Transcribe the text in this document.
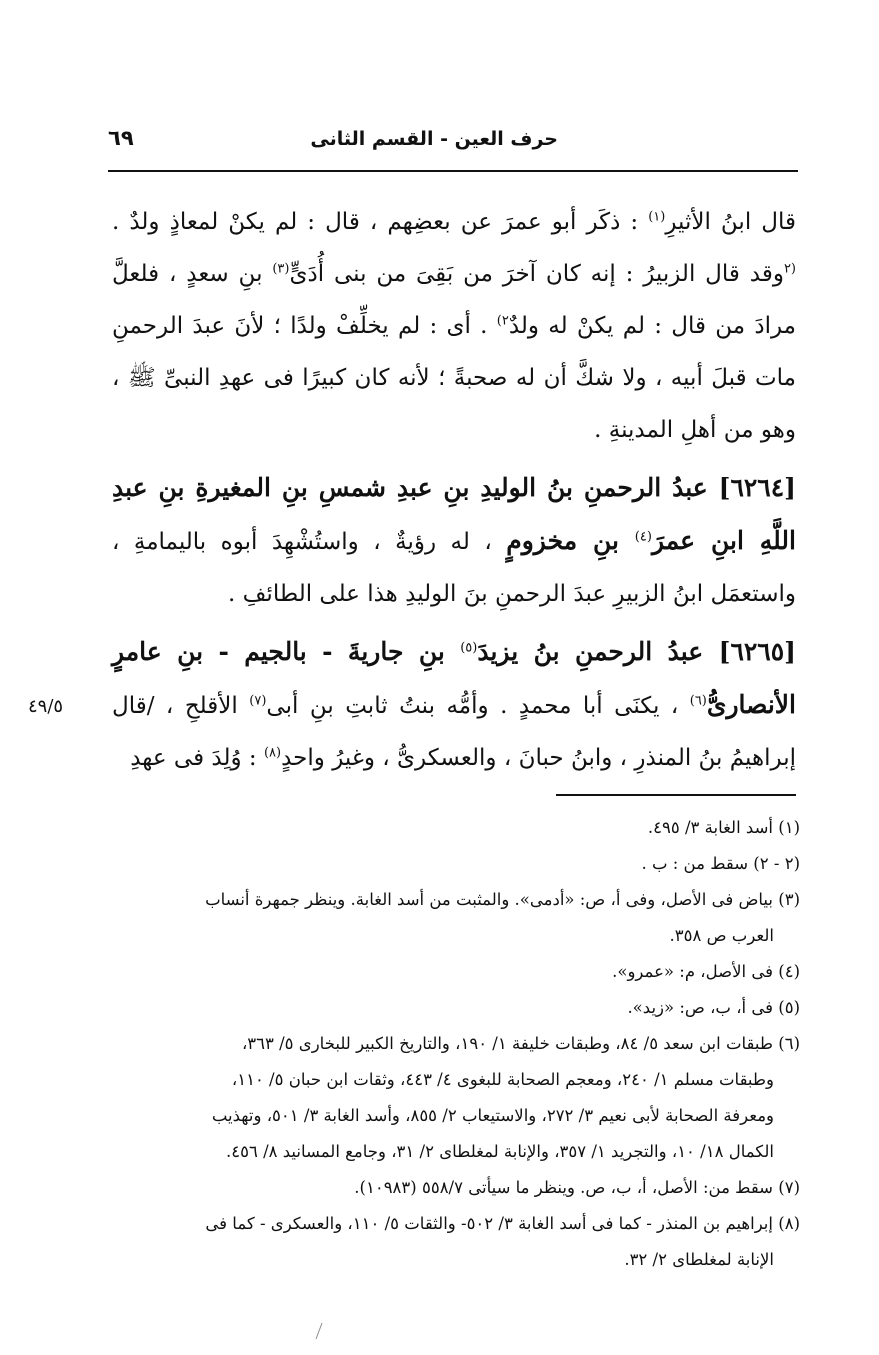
حرف العين - القسم الثانى
٦٩

قال ابنُ الأثيرِ$^{(١)}$ : ذكَر أبو عمرَ عن بعضِهم ، قال : لم يكنْ لمعاذٍ ولدٌ . $^{(٢}$وقد قال الزبيرُ : إنه كان آخرَ من بَقِىَ من بنى أُدَىٍّ$^{(٣)}$ بنِ سعدٍ ، فلعلَّ مرادَ من قال : لم يكنْ له ولدٌ$^{٢)}$ . أى : لم يخلِّفْ ولدًا ؛ لأنَ عبدَ الرحمنِ مات قبلَ أبيه ، ولا شكَّ أن له صحبةً ؛ لأنه كان كبيرًا فى عهدِ النبىِّ ﷺ ، وهو من أهلِ المدينةِ .

[٦٢٦٤] عبدُ الرحمنِ بنُ الوليدِ بنِ عبدِ شمسِ بنِ المغيرةِ بنِ عبدِ اللَّهِ ابنِ عمرَ$^{(٤)}$ بنِ مخزومٍ ، له رؤيةٌ ، واستُشْهِدَ أبوه باليمامةِ ، واستعمَل ابنُ الزبيرِ عبدَ الرحمنِ بنَ الوليدِ هذا على الطائفِ .

[٦٢٦٥] عبدُ الرحمنِ بنُ يزيدَ$^{(٥)}$ بنِ جاريةَ - بالجيم - بنِ عامرٍ الأنصارىُّ$^{(٦)}$ ، يكنَى أبا محمدٍ . وأمُّه بنتُ ثابتِ بنِ أبى$^{(٧)}$ الأقلحِ ، /قال إبراهيمُ بنُ المنذرِ ، وابنُ حبانَ ، والعسكرىُّ ، وغيرُ واحدٍ$^{(٨)}$ : وُلِدَ فى عهدِ

٤٩/٥

(١) أسد الغابة ٣/ ٤٩٥.

(٢ - ٢) سقط من : ب .

(٣) بياض فى الأصل، وفى أ، ص: «أدمى». والمثبت من أسد الغابة. وينظر جمهرة أنساب

العرب ص ٣٥٨.

(٤) فى الأصل، م: «عمرو».

(٥) فى أ، ب، ص: «زيد».

(٦) طبقات ابن سعد ٥/ ٨٤، وطبقات خليفة ١/ ١٩٠، والتاريخ الكبير للبخارى ٥/ ٣٦٣،

وطبقات مسلم ١/ ٢٤٠، ومعجم الصحابة للبغوى ٤/ ٤٤٣، وثقات ابن حبان ٥/ ١١٠،

ومعرفة الصحابة لأبى نعيم ٣/ ٢٧٢، والاستيعاب ٢/ ٨٥٥، وأسد الغابة ٣/ ٥٠١، وتهذيب

الكمال ١٨/ ١٠، والتجريد ١/ ٣٥٧، والإنابة لمغلطاى ٢/ ٣١، وجامع المسانيد ٨/ ٤٥٦.

(٧) سقط من: الأصل، أ، ب، ص. وينظر ما سيأتى ٥٥٨/٧ (١٠٩٨٣).

(٨) إبراهيم بن المنذر - كما فى أسد الغابة ٣/ ٥٠٢- والثقات ٥/ ١١٠، والعسكرى - كما فى

الإنابة لمغلطاى ٢/ ٣٢.
